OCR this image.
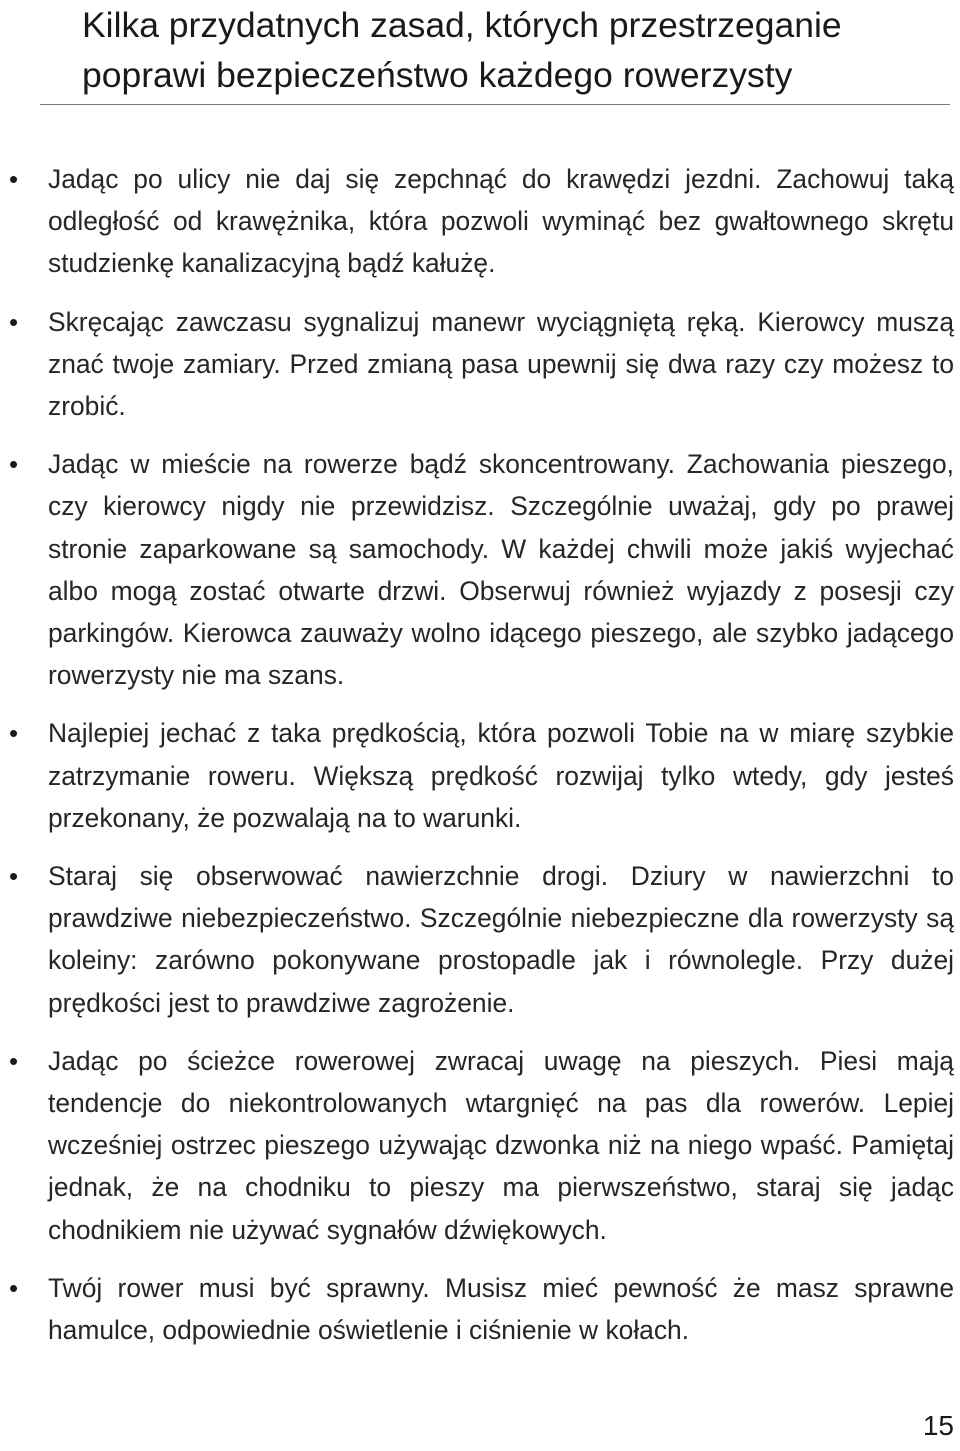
Kilka przydatnych zasad, których przestrzeganie poprawi bezpieczeństwo każdego rowerzysty
• Jadąc po ulicy nie daj się zepchnąć do krawędzi jezdni. Zachowuj taką odległość od krawężnika, która pozwoli wyminąć bez gwałtownego skrętu studzienkę kanalizacyjną bądź kałużę.
• Skręcając zawczasu sygnalizuj manewr wyciągniętą ręką. Kierowcy muszą znać twoje zamiary. Przed zmianą pasa upewnij się dwa razy czy możesz to zrobić.
• Jadąc w mieście na rowerze bądź skoncentrowany. Zachowania pieszego, czy kierowcy nigdy nie przewidzisz. Szczególnie uważaj, gdy po prawej stronie zaparkowane są samochody. W każdej chwili może jakiś wyjechać albo mogą zostać otwarte drzwi. Obserwuj również wyjazdy z posesji czy parkingów. Kierowca zauważy wolno idącego pieszego, ale szybko jadącego rowerzysty nie ma szans.
• Najlepiej jechać z taka prędkością, która pozwoli Tobie na w miarę szybkie zatrzymanie roweru. Większą prędkość rozwijaj tylko wtedy, gdy jesteś przekonany, że pozwalają na to warunki.
• Staraj się obserwować nawierzchnie drogi. Dziury w nawierzchni to prawdziwe niebezpieczeństwo. Szczególnie niebezpieczne dla rowerzysty są koleiny: zarówno pokonywane prostopadle jak i równolegle. Przy dużej prędkości jest to prawdziwe zagrożenie.
• Jadąc po ścieżce rowerowej zwracaj uwagę na pieszych. Piesi mają tendencje do niekontrolowanych wtargnięć na pas dla rowerów. Lepiej wcześniej ostrzec pieszego używając dzwonka niż na niego wpaść. Pamiętaj jednak, że na chodniku to pieszy ma pierwszeństwo, staraj się jadąc chodnikiem nie używać sygnałów dźwiękowych.
• Twój rower musi być sprawny. Musisz mieć pewność że masz sprawne hamulce, odpowiednie oświetlenie i ciśnienie w kołach.
15
